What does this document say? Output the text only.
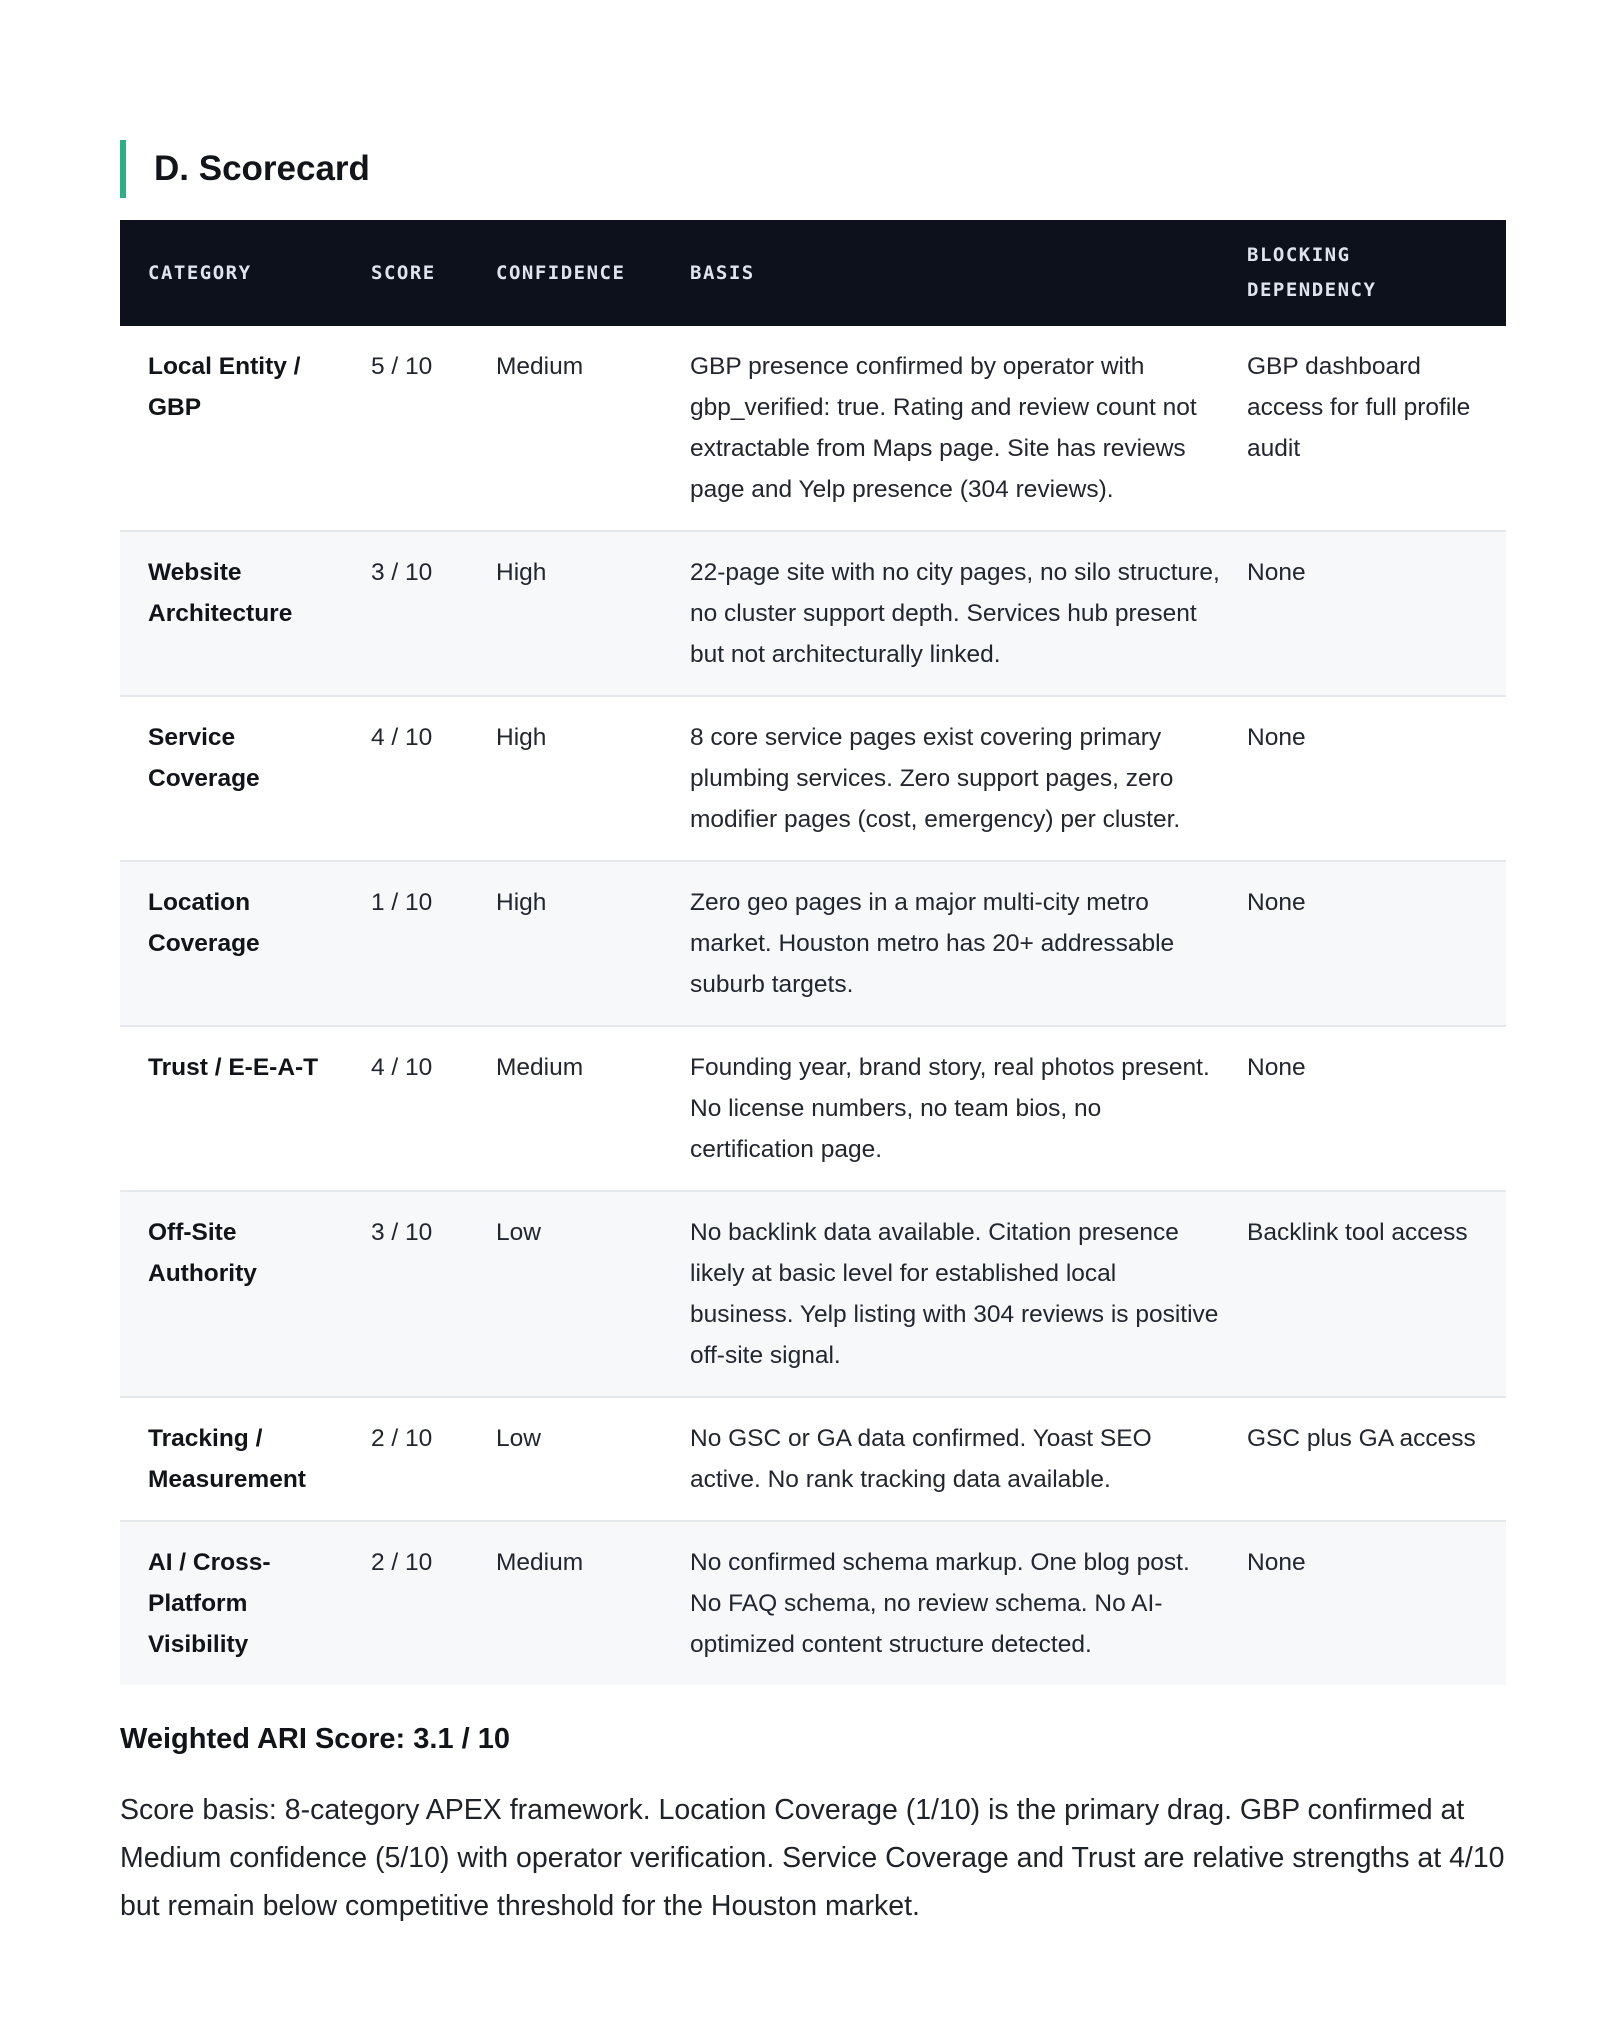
D. Scorecard
CATEGORY	SCORE	CONFIDENCE	BASIS	BLOCKING
DEPENDENCY
Local Entity / GBP	5 / 10	Medium	GBP presence confirmed by operator with gbp_verified: true. Rating and review count not extractable from Maps page. Site has reviews page and Yelp presence (304 reviews).	GBP dashboard access for full profile audit
Website Architecture	3 / 10	High	22-page site with no city pages, no silo structure, no cluster support depth. Services hub present but not architecturally linked.	None
Service Coverage	4 / 10	High	8 core service pages exist covering primary plumbing services. Zero support pages, zero modifier pages (cost, emergency) per cluster.	None
Location Coverage	1 / 10	High	Zero geo pages in a major multi-city metro market. Houston metro has 20+ addressable suburb targets.	None
Trust / E-E-A-T	4 / 10	Medium	Founding year, brand story, real photos present. No license numbers, no team bios, no certification page.	None
Off-Site Authority	3 / 10	Low	No backlink data available. Citation presence likely at basic level for established local business. Yelp listing with 304 reviews is positive off-site signal.	Backlink tool access
Tracking / Measurement	2 / 10	Low	No GSC or GA data confirmed. Yoast SEO active. No rank tracking data available.	GSC plus GA access
AI / Cross-Platform Visibility	2 / 10	Medium	No confirmed schema markup. One blog post. No FAQ schema, no review schema. No AI-optimized content structure detected.	None
Weighted ARI Score: 3.1 / 10
Score basis: 8-category APEX framework. Location Coverage (1/10) is the primary drag. GBP confirmed at Medium confidence (5/10) with operator verification. Service Coverage and Trust are relative strengths at 4/10 but remain below competitive threshold for the Houston market.
